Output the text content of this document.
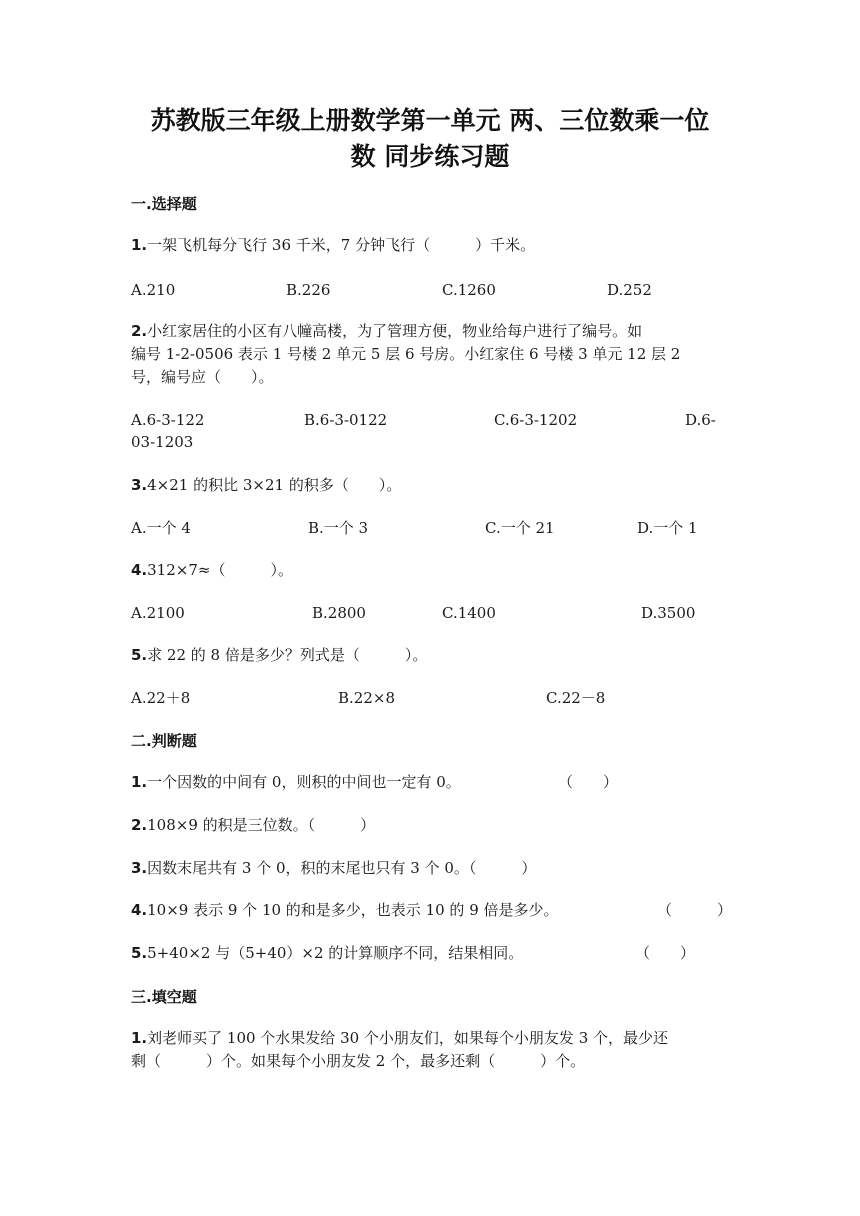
苏教版三年级上册数学第一单元 两、三位数乘一位
数 同步练习题
一.选择题
1.一架飞机每分飞行 36 千米，7 分钟飞行（　　　）千米。
A.210	B.226	C.1260	D.252
2.小红家居住的小区有八幢高楼，为了管理方便，物业给每户进行了编号。如
编号 1-2-0506 表示 1 号楼 2 单元 5 层 6 号房。小红家住 6 号楼 3 单元 12 层 2
号，编号应（　　）。
A.6-3-122	B.6-3-0122	C.6-3-1202	D.6-
03-1203
3.4×21 的积比 3×21 的积多（　　）。
A.一个 4	B.一个 3	C.一个 21	D.一个 1
4.312×7≈（　　　）。
A.2100	B.2800	C.1400	D.3500
5.求 22 的 8 倍是多少？列式是（　　　）。
A.22＋8	B.22×8	C.22－8
二.判断题
1.一个因数的中间有 0，则积的中间也一定有 0。	（　　）
2.108×9 的积是三位数。（　　　）
3.因数末尾共有 3 个 0，积的末尾也只有 3 个 0。（　　　）
4.10×9 表示 9 个 10 的和是多少，也表示 10 的 9 倍是多少。	（　　　）
5.5+40×2 与（5+40）×2 的计算顺序不同，结果相同。	（　　）
三.填空题
1.刘老师买了 100 个水果发给 30 个小朋友们，如果每个小朋友发 3 个，最少还
剩（　　　）个。如果每个小朋友发 2 个，最多还剩（　　　）个。
